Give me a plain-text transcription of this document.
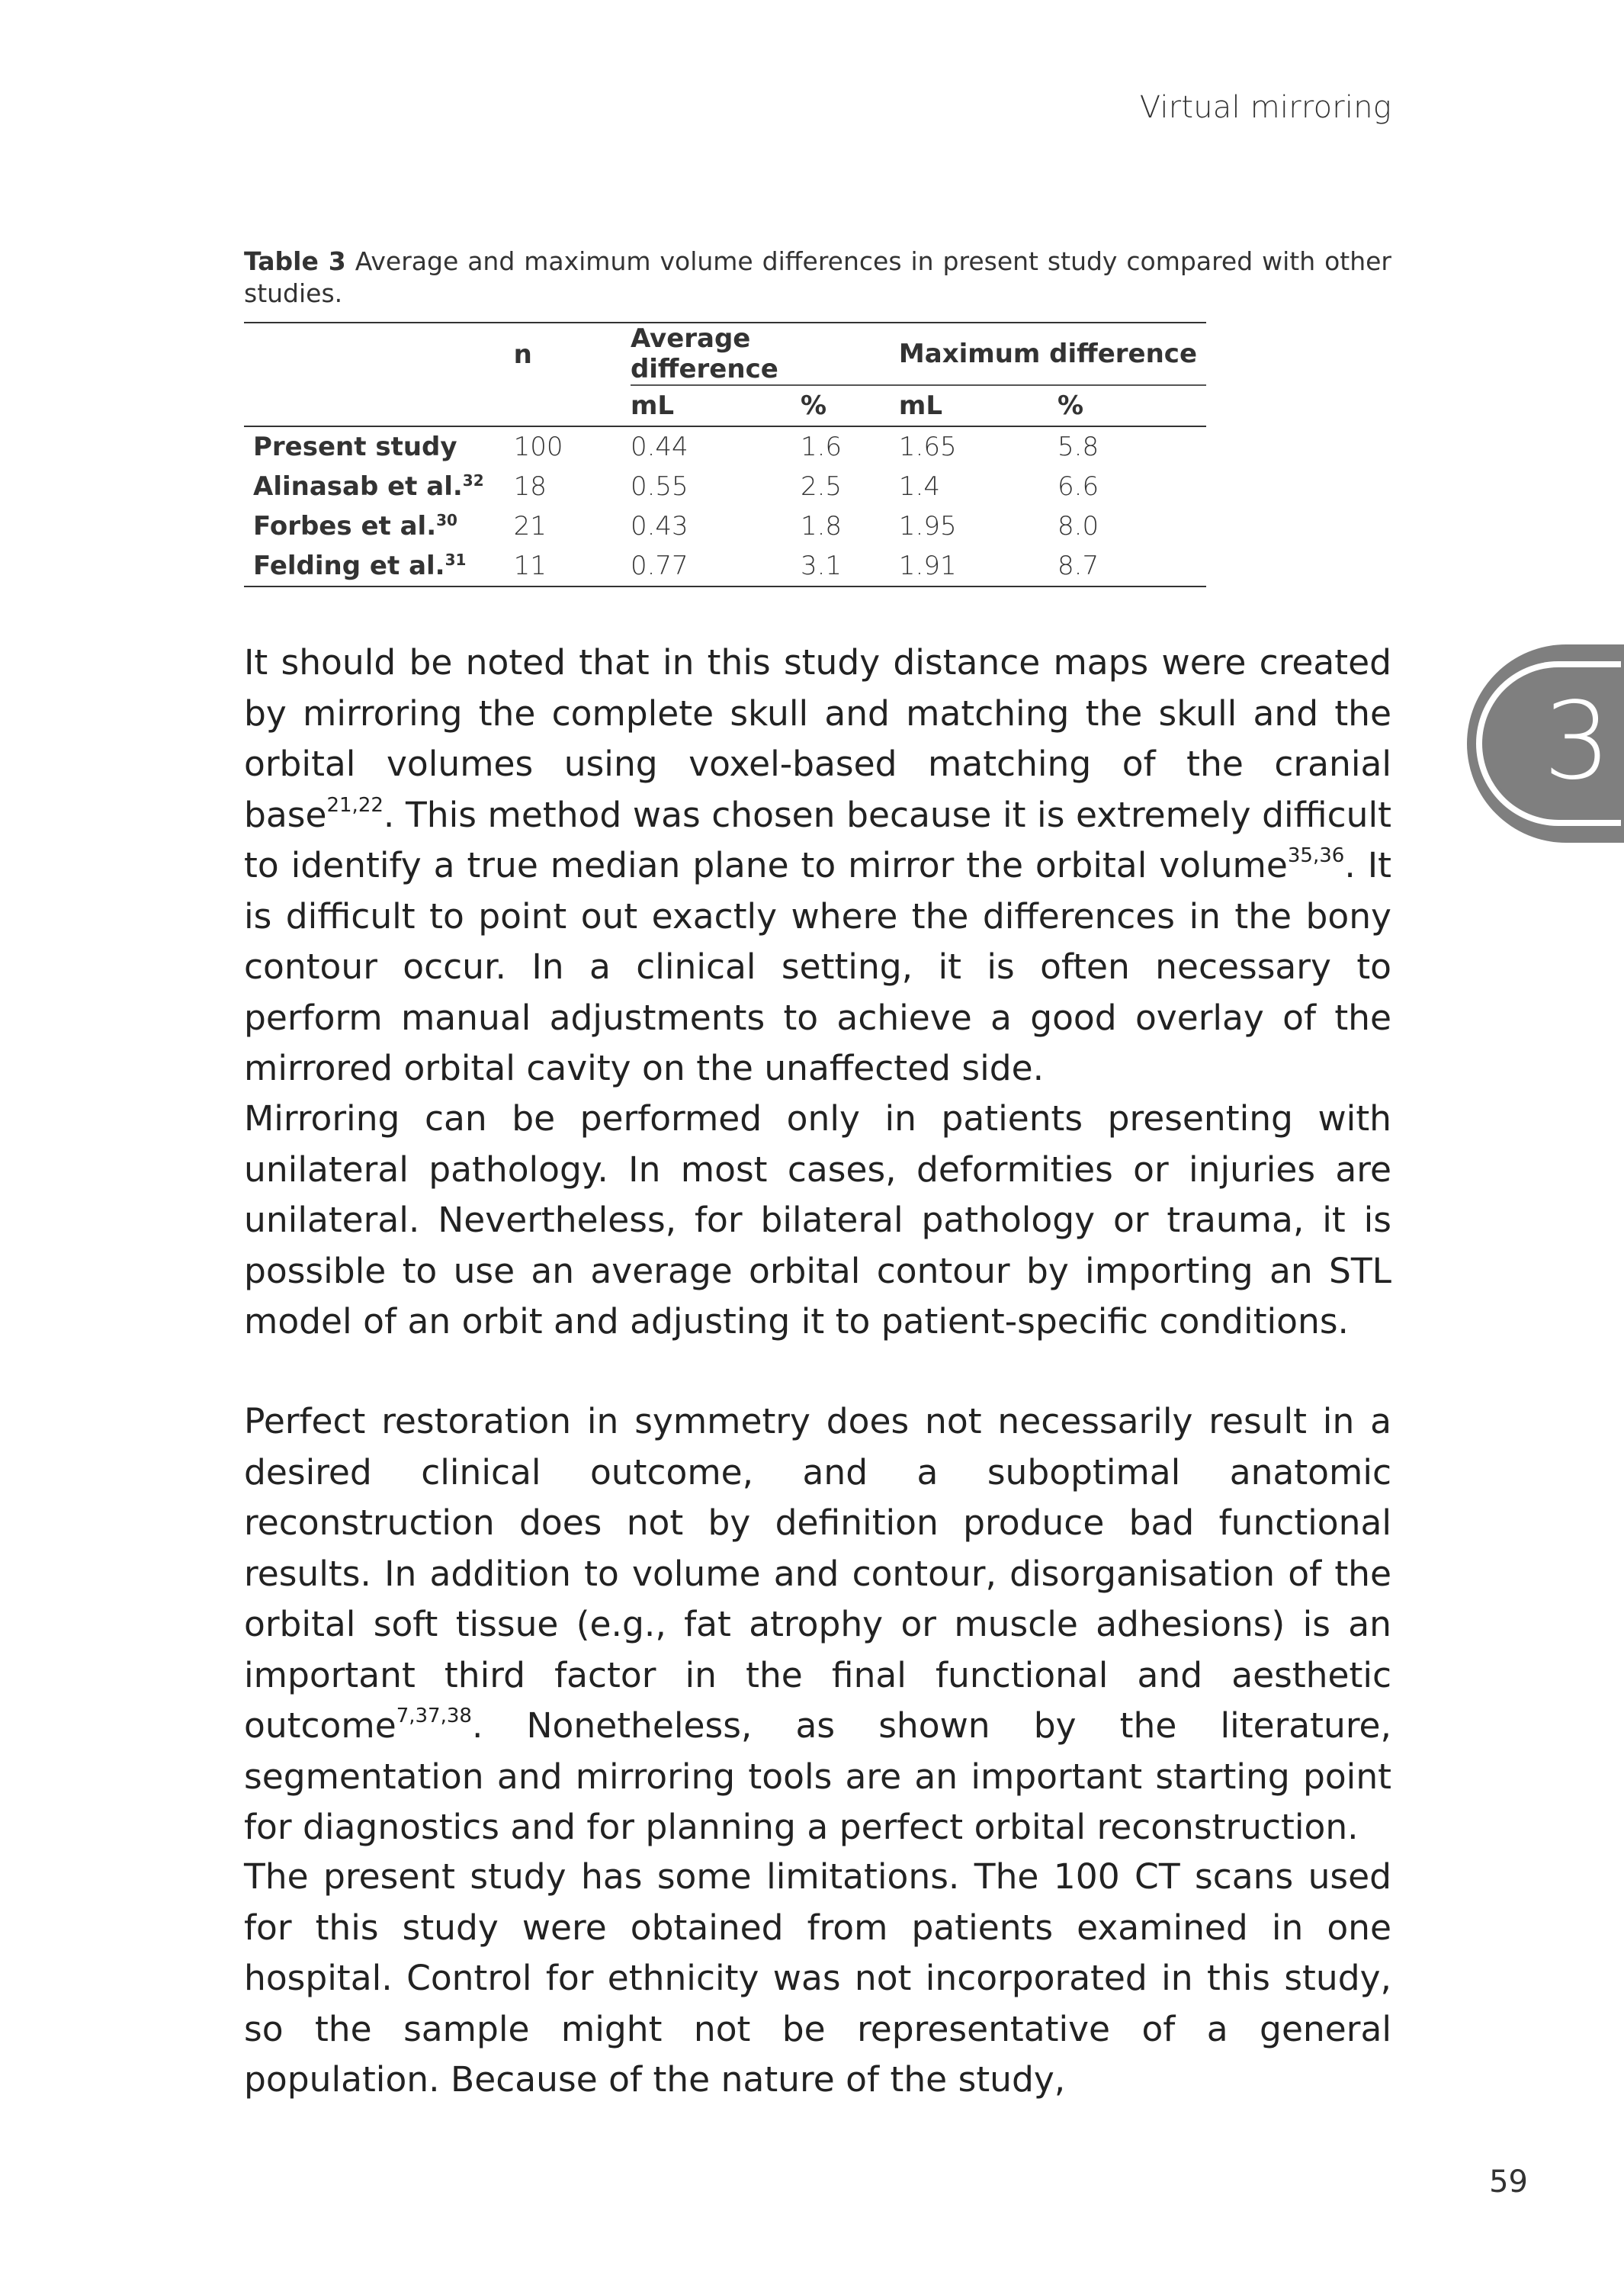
Virtual mirroring
3
Table 3 Average and maximum volume differences in present study compared with other studies.
	n	Average difference		Maximum difference	
		mL	%	mL	%
Present study	100	0.44	1.6	1.65	5.8
Alinasab et al.$^{32}$	18	0.55	2.5	1.4	6.6
Forbes et al.$^{30}$	21	0.43	1.8	1.95	8.0
Felding et al.$^{31}$	11	0.77	3.1	1.91	8.7

It should be noted that in this study distance maps were created by mirroring the complete skull and matching the skull and the orbital volumes using voxel-based matching of the cranial base$^{21,22}$. This method was chosen because it is extremely difficult to identify a true median plane to mirror the orbital volume$^{35,36}$. It is difficult to point out exactly where the differences in the bony contour occur. In a clinical setting, it is often necessary to perform manual adjustments to achieve a good overlay of the mirrored orbital cavity on the unaffected side.

Mirroring can be performed only in patients presenting with unilateral pathology. In most cases, deformities or injuries are unilateral. Nevertheless, for bilateral pathology or trauma, it is possible to use an average orbital contour by importing an STL model of an orbit and adjusting it to patient-specific conditions.

Perfect restoration in symmetry does not necessarily result in a desired clinical outcome, and a suboptimal anatomic reconstruction does not by definition produce bad functional results. In addition to volume and contour, disorganisation of the orbital soft tissue (e.g., fat atrophy or muscle adhesions) is an important third factor in the final functional and aesthetic outcome$^{7,37,38}$. Nonetheless, as shown by the literature, segmentation and mirroring tools are an important starting point for diagnostics and for planning a perfect orbital reconstruction.

The present study has some limitations. The 100 CT scans used for this study were obtained from patients examined in one hospital. Control for ethnicity was not incorporated in this study, so the sample might not be representative of a general population. Because of the nature of the study,

59
